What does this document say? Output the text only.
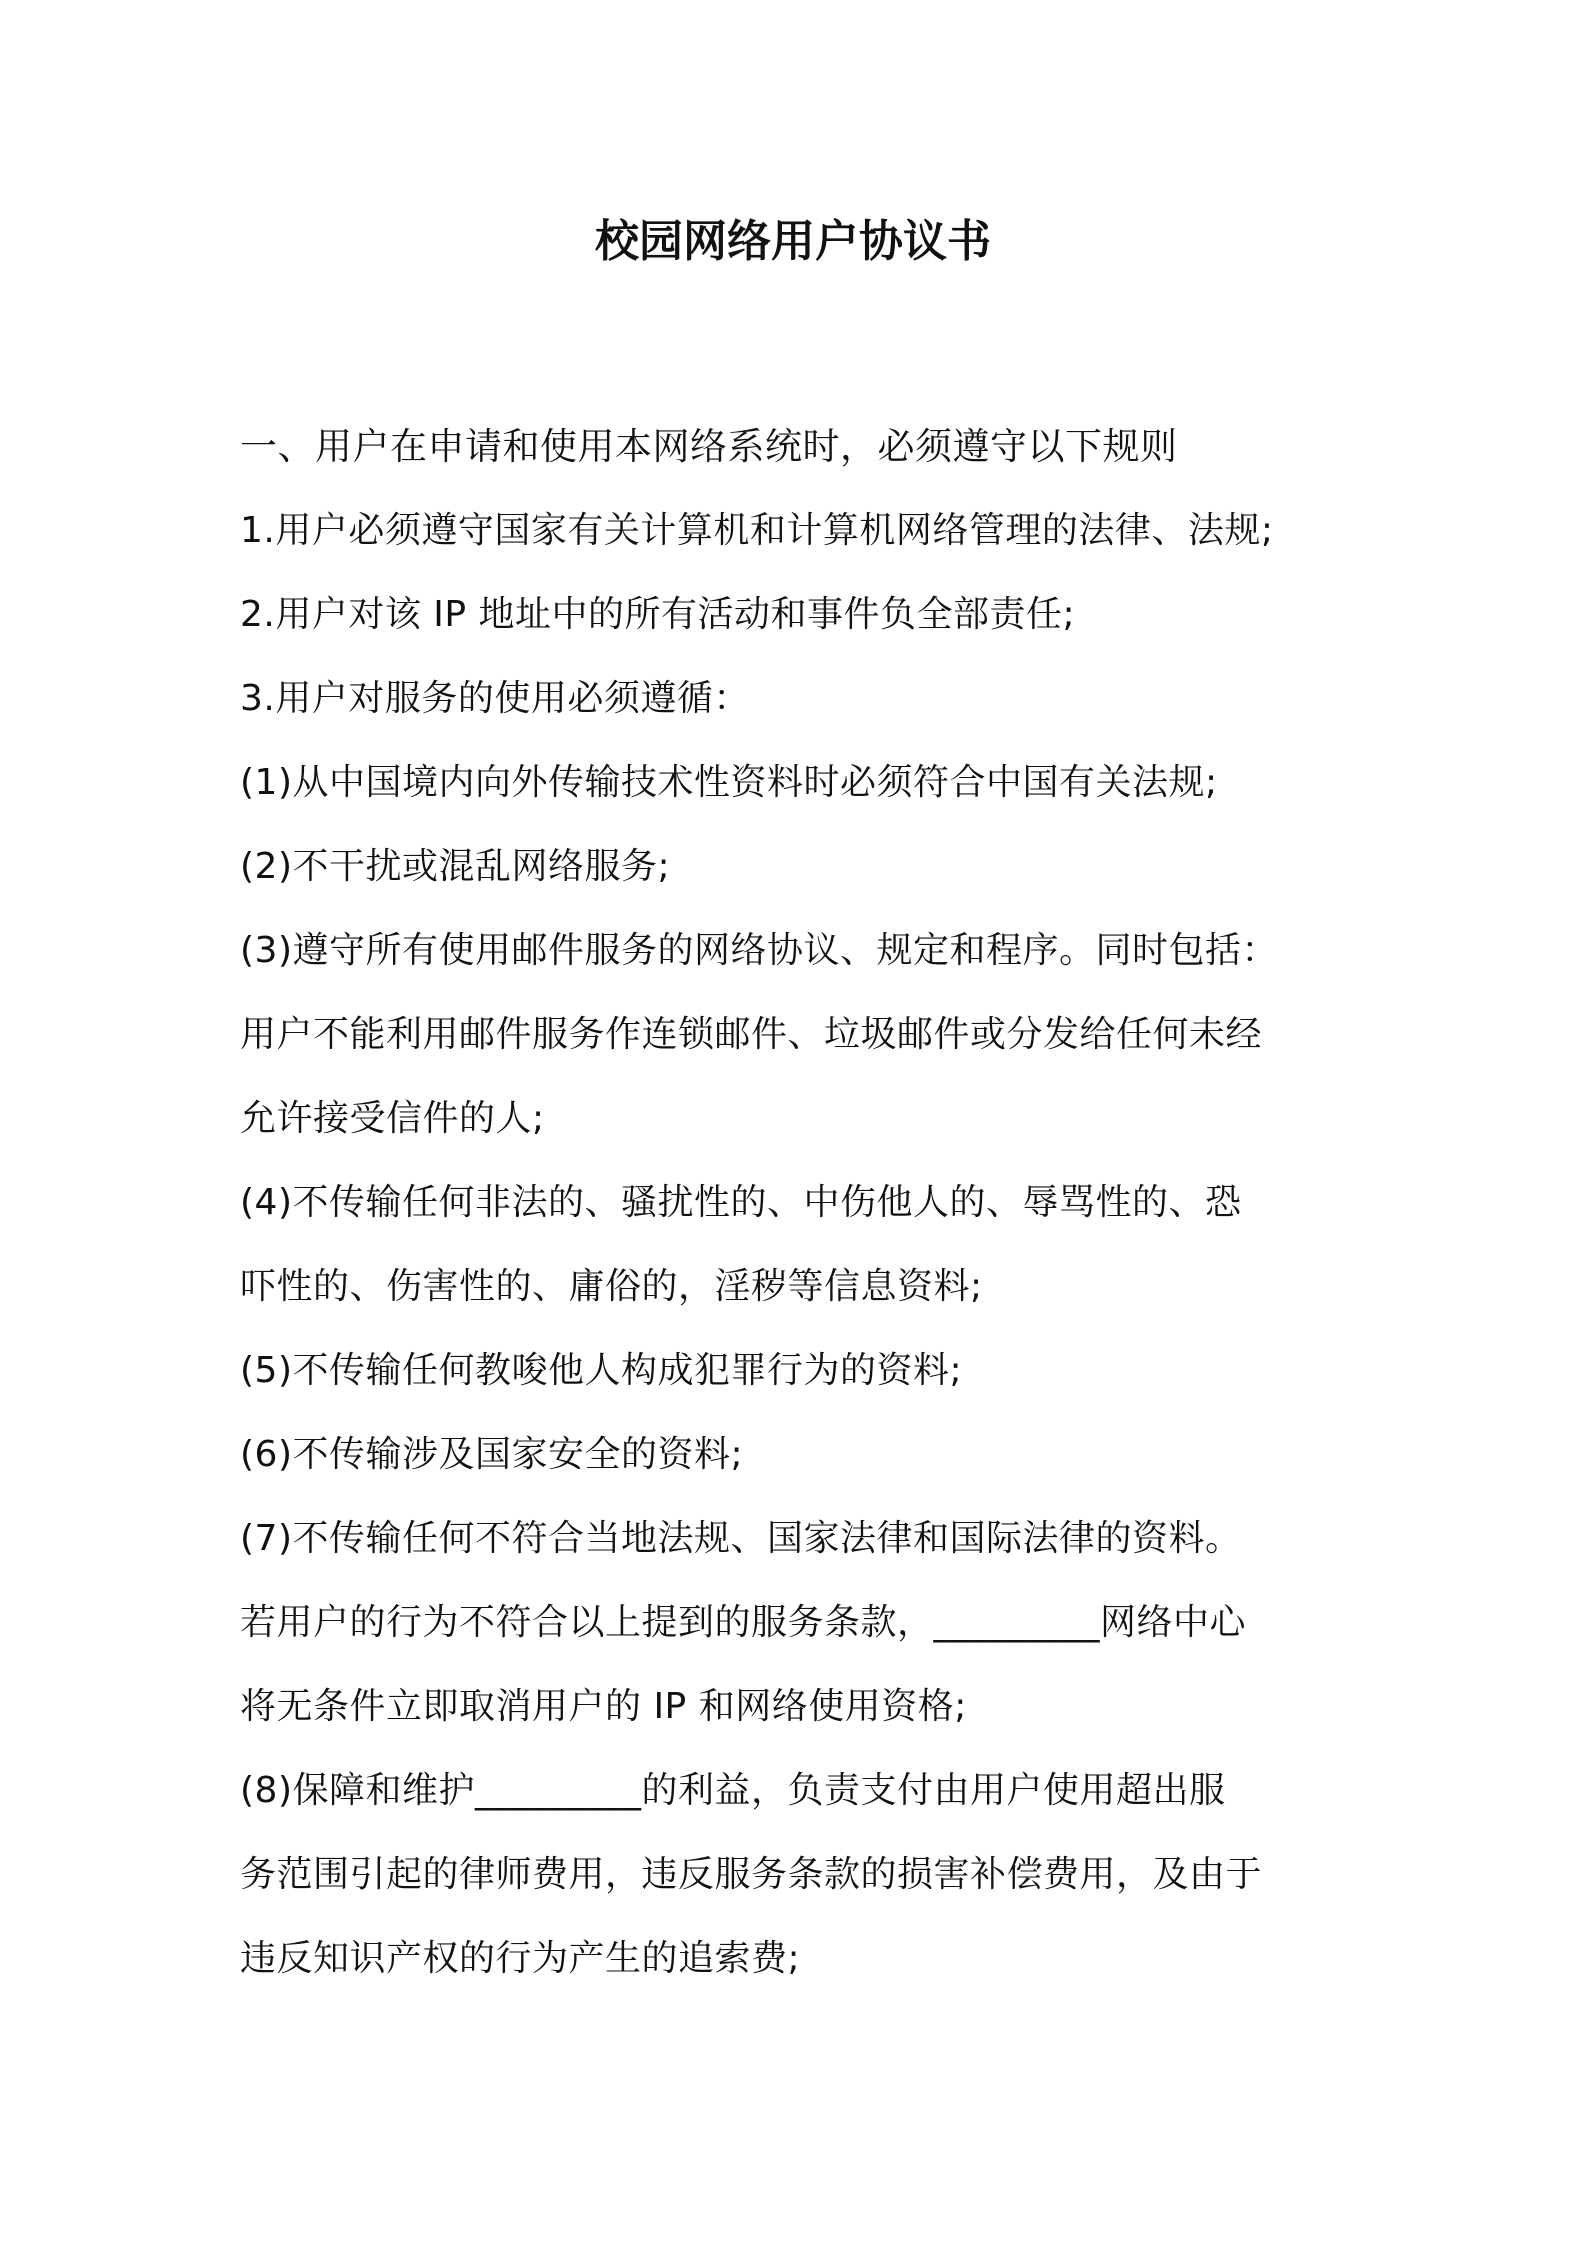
校园网络用户协议书
一、用户在申请和使用本网络系统时，必须遵守以下规则
1.用户必须遵守国家有关计算机和计算机网络管理的法律、法规;
2.用户对该 IP 地址中的所有活动和事件负全部责任;
3.用户对服务的使用必须遵循：
(1)从中国境内向外传输技术性资料时必须符合中国有关法规;
(2)不干扰或混乱网络服务;
(3)遵守所有使用邮件服务的网络协议、规定和程序。同时包括：
用户不能利用邮件服务作连锁邮件、垃圾邮件或分发给任何未经
允许接受信件的人;
(4)不传输任何非法的、骚扰性的、中伤他人的、辱骂性的、恐
吓性的、伤害性的、庸俗的，淫秽等信息资料;
(5)不传输任何教唆他人构成犯罪行为的资料;
(6)不传输涉及国家安全的资料;
(7)不传输任何不符合当地法规、国家法律和国际法律的资料。
若用户的行为不符合以上提到的服务条款，_________网络中心
将无条件立即取消用户的 IP 和网络使用资格;
(8)保障和维护_________的利益，负责支付由用户使用超出服
务范围引起的律师费用，违反服务条款的损害补偿费用，及由于
违反知识产权的行为产生的追索费;
